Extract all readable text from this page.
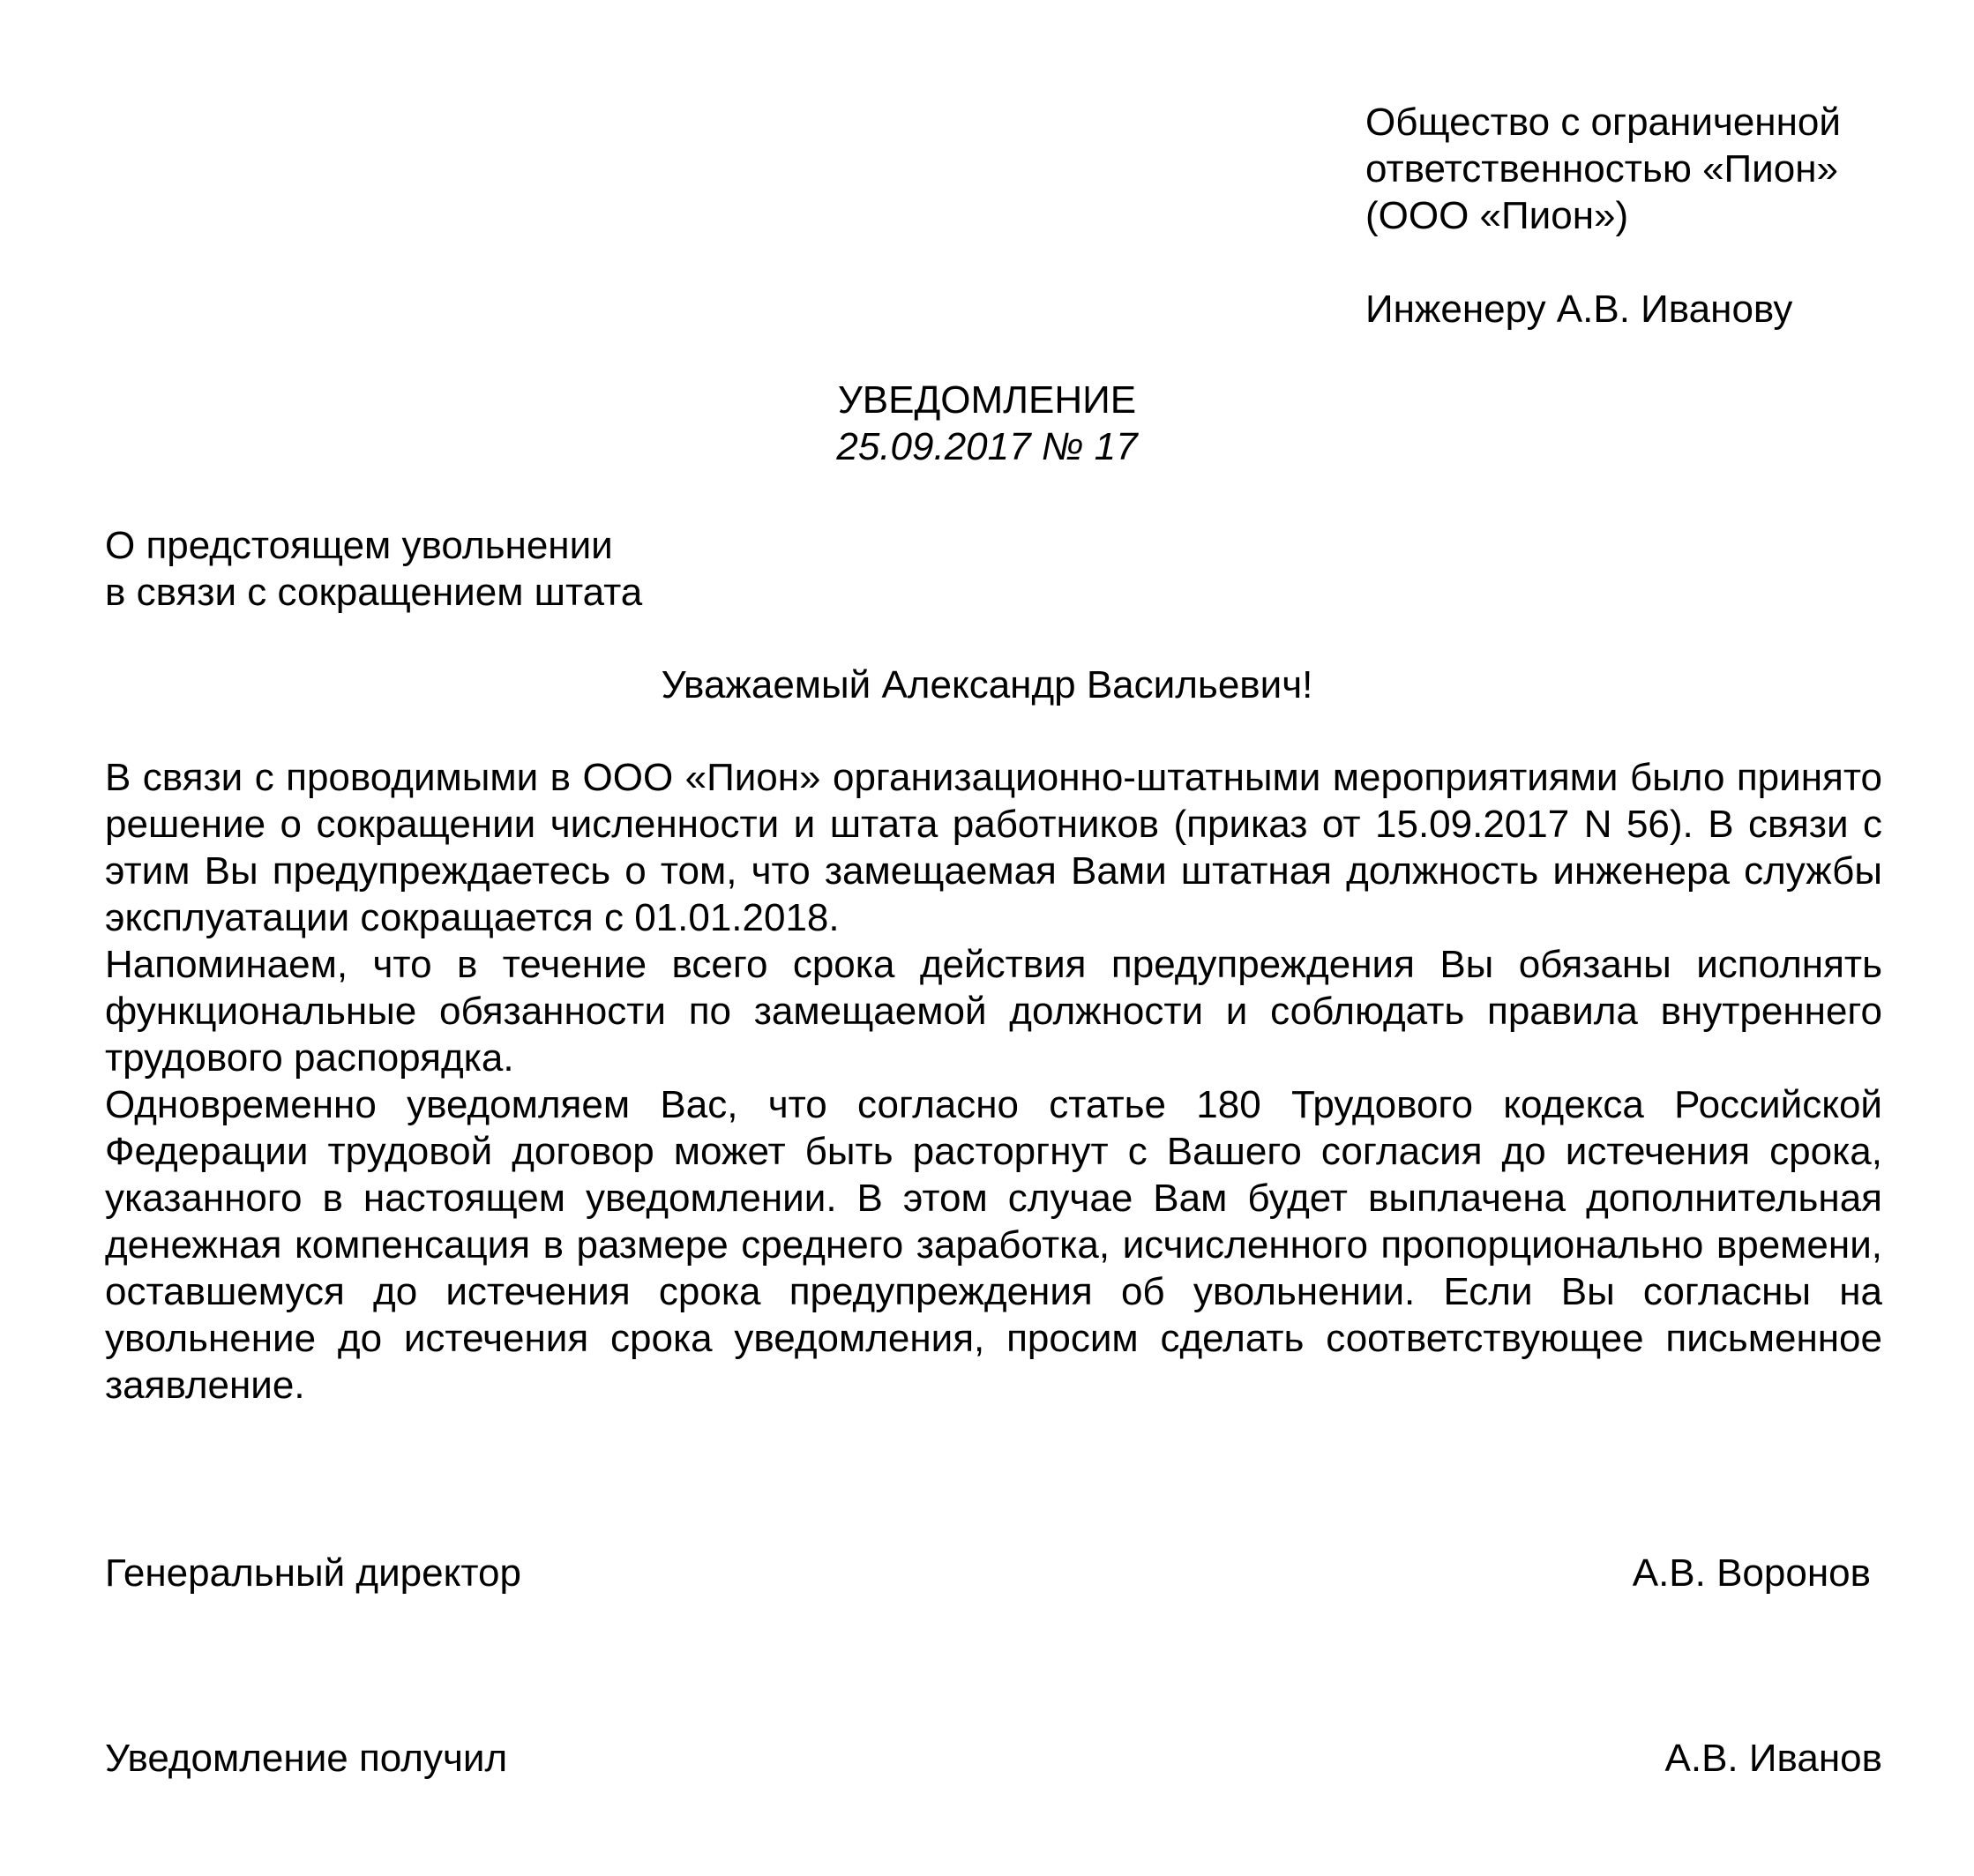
Общество с ограниченной
ответственностью «Пион»
(ООО «Пион»)
Инженеру А.В. Иванову
УВЕДОМЛЕНИЕ
25.09.2017 № 17
О предстоящем увольнении
в связи с сокращением штата
Уважаемый Александр Васильевич!

В связи с проводимыми в ООО «Пион» организационно-штатными мероприятиями было принято решение о сокращении численности и штата работников (приказ от 15.09.2017 N 56). В связи с этим Вы предупреждаетесь о том, что замещаемая Вами штатная должность инженера службы эксплуатации сокращается с 01.01.2018.

Напоминаем, что в течение всего срока действия предупреждения Вы обязаны исполнять функциональные обязанности по замещаемой должности и соблюдать правила внутреннего трудового распорядка.

Одновременно уведомляем Вас, что согласно статье 180 Трудового кодекса Российской Федерации трудовой договор может быть расторгнут с Вашего согласия до истечения срока, указанного в настоящем уведомлении. В этом случае Вам будет выплачена дополнительная денежная компенсация в размере среднего заработка, исчисленного пропорционально времени, оставшемуся до истечения срока предупреждения об увольнении. Если Вы согласны на увольнение до истечения срока уведомления, просим сделать соответствующее письменное заявление.

Генеральный директор	А.В. Воронов
Уведомление получил	А.В. Иванов
